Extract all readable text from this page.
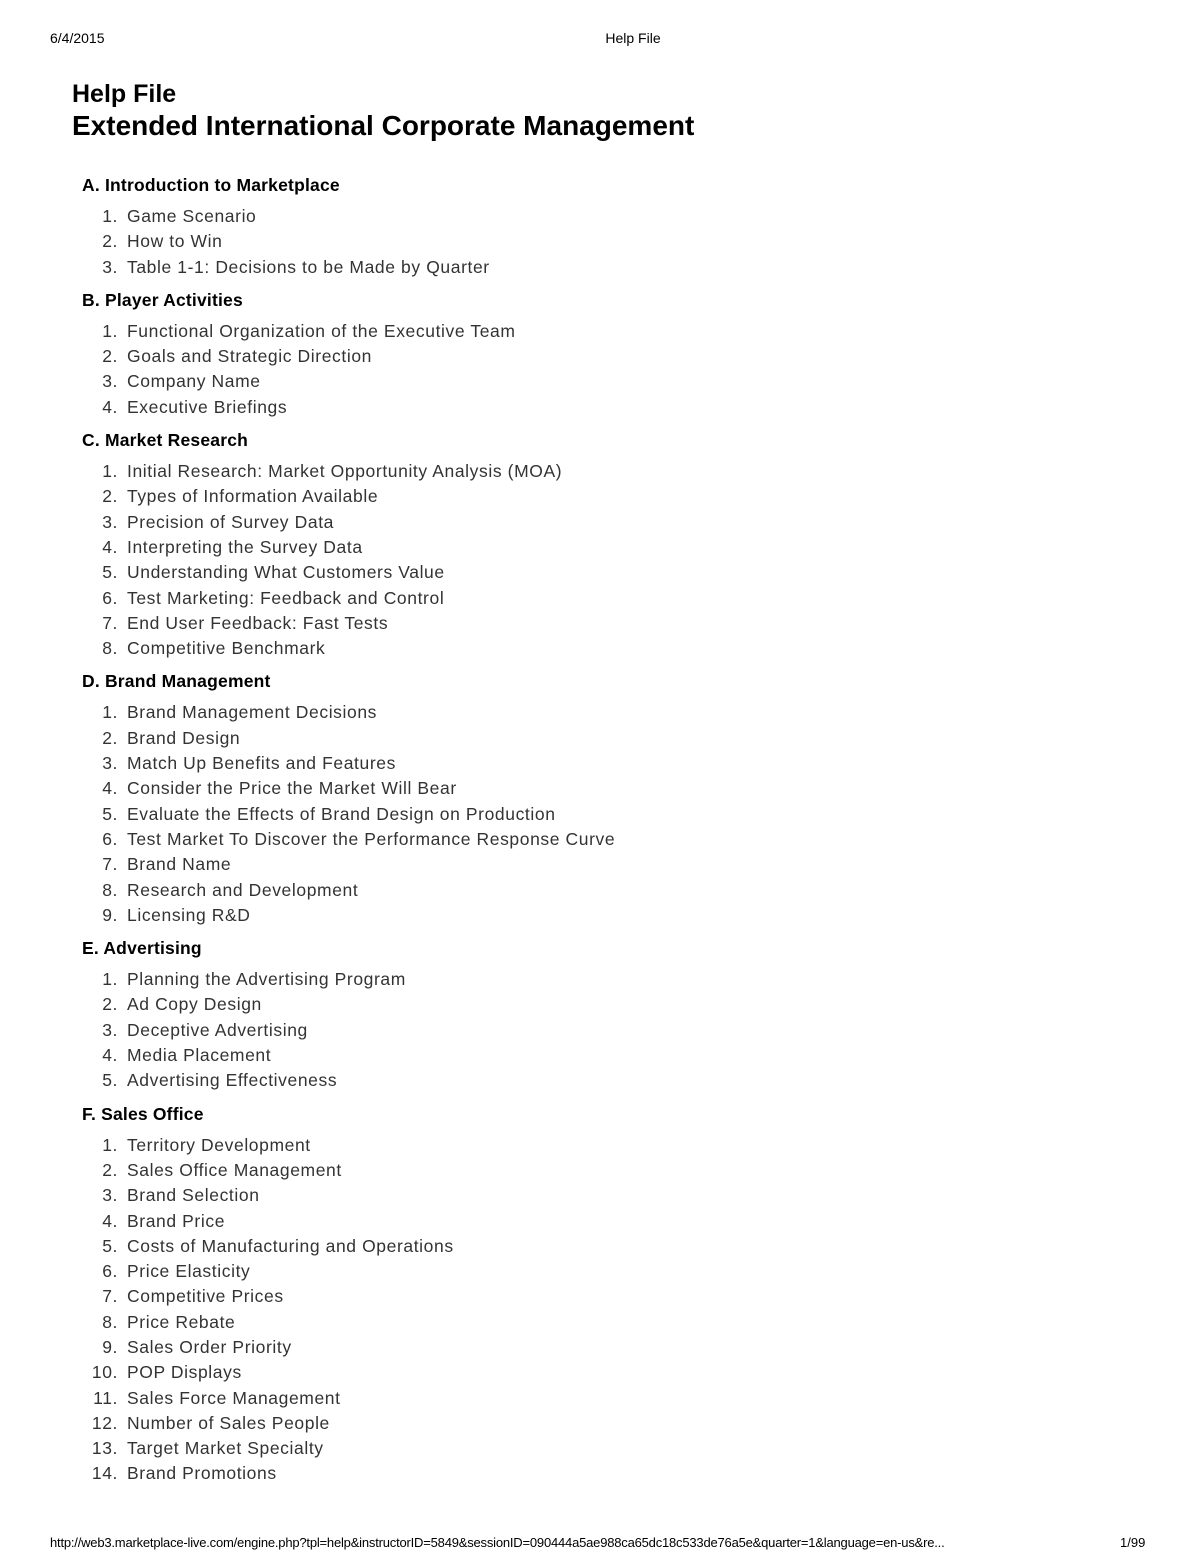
6/4/2015	Help File
Help File
Extended International Corporate Management
A. Introduction to Marketplace
1. Game Scenario
2. How to Win
3. Table 1-1: Decisions to be Made by Quarter
B. Player Activities
1. Functional Organization of the Executive Team
2. Goals and Strategic Direction
3. Company Name
4. Executive Briefings
C. Market Research
1. Initial Research: Market Opportunity Analysis (MOA)
2. Types of Information Available
3. Precision of Survey Data
4. Interpreting the Survey Data
5. Understanding What Customers Value
6. Test Marketing: Feedback and Control
7. End User Feedback: Fast Tests
8. Competitive Benchmark
D. Brand Management
1. Brand Management Decisions
2. Brand Design
3. Match Up Benefits and Features
4. Consider the Price the Market Will Bear
5. Evaluate the Effects of Brand Design on Production
6. Test Market To Discover the Performance Response Curve
7. Brand Name
8. Research and Development
9. Licensing R&D
E. Advertising
1. Planning the Advertising Program
2. Ad Copy Design
3. Deceptive Advertising
4. Media Placement
5. Advertising Effectiveness
F. Sales Office
1. Territory Development
2. Sales Office Management
3. Brand Selection
4. Brand Price
5. Costs of Manufacturing and Operations
6. Price Elasticity
7. Competitive Prices
8. Price Rebate
9. Sales Order Priority
10. POP Displays
11. Sales Force Management
12. Number of Sales People
13. Target Market Specialty
14. Brand Promotions
http://web3.marketplace-live.com/engine.php?tpl=help&instructorID=5849&sessionID=090444a5ae988ca65dc18c533de76a5e&quarter=1&language=en-us&re...	1/99
